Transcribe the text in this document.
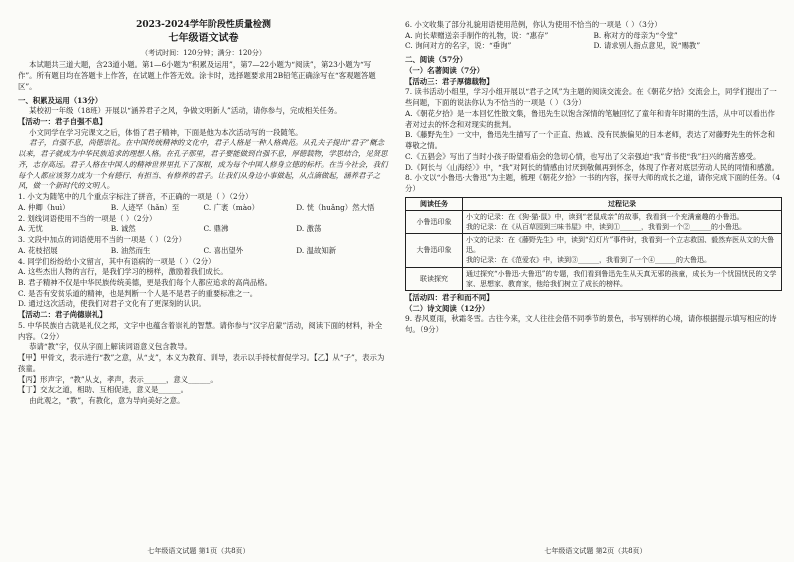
2023-2024学年阶段性质量检测

七年级语文试卷

（考试时间：120分钟；满分：120分）

本试题共三道大题，含23道小题。第1—6小题为“积累及运用”，第7—22小题为“阅读”，第23小题为“写作”。所有题目均在答题卡上作答，在试题上作答无效。涂卡时，选择题要求用2B铅笔正确涂写在“客观题答题区”。

一、积累及运用（13分）

某校初一年级（18班）开展以“涵养君子之风，争做文明新人”活动，请你参与，完成相关任务。

【活动一：君子自强不息】

小文同学在学习完课文之后，体悟了君子精神，下面是他为本次活动写的一段随笔。

君子，自强不息，尚德崇礼。在中国传统精神的文化中，君子人格是一种人格典范。从孔夫子提出“君子”概念以来，君子就成为中华民族追求的理想人格。在孔子那里，君子要能做到自强不息，厚德载物，学思结合，见贤思齐，志存高远。君子人格在中国人的精神世界里扎下了深根，成为每个中国人修身立德的标杆。在当今社会，我们每个人都应该努力成为一个有德行、有担当、有修养的君子。让我们从身边小事做起，从点滴做起，涵养君子之风，做一个新时代的文明人。

1. 小文为随笔中的几个重点字标注了拼音，不正确的一项是（ ）（2分）

A. 仲卿（huì）	B. 人迹罕（hǎn）至	C. 广袤（mào）	D. 恍（huǎng）然大悟

2. 划线词语使用不当的一项是（ ）（2分）

A. 无忧	B. 诚然	C. 鼎沸	D. 激荡

3. 文段中加点的词语使用不当的一项是（ ）（2分）

A. 花枝招展	B. 油然而生	C. 喜出望外	D. 温故知新

4. 同学们纷纷给小文留言，其中有语病的一项是（ ）（2分）

A. 这些杰出人物的言行，是我们学习的榜样，激励着我们成长。

B. 君子精神不仅是中华民族传统美德，更是我们每个人都应追求的高尚品格。

C. 是否有安贫乐道的精神，也是判断一个人是不是君子的重要标准之一。

D. 通过这次活动，使我们对君子文化有了更深刻的认识。

【活动二：君子尚德崇礼】

5. 中华民族自古就是礼仪之邦，文字中也蕴含着崇礼的智慧。请你参与“汉字启蒙”活动，阅读下面的材料，补全内容。（2分）

恭请“教”字，仅从字面上解读词语意义包含教导。

【甲】甲骨文，表示进行“教”之意，从“攴”，本义为教育、训导，表示以手持杖督促学习。【乙】从“子”，表示为孩童。

【丙】形声字，“教”从攴，孝声，表示______，意义______。

【丁】交友之道，相助、互相促进，意义是______。

由此观之，“教”，有教化，意为导向美好之意。

七年级语文试题 第1页（共8页）

6. 小文收集了部分礼貌用语使用范例，你认为使用不恰当的一项是（ ）（3分）

A. 向长辈赠送亲手制作的礼物，说：“惠存”	B. 称对方的母亲为“令堂”
C. 询问对方的名字，说：“垂询”	D. 请求别人指点意见，说“赐教”

二、阅读（57分）

（一）名著阅读（7分）

【活动三：君子厚德载物】

7. 读书活动小组里，学习小组开展以“君子之风”为主题的阅读交流会。在《朝花夕拾》交流会上，同学们提出了一些问题，下面的说法你认为不恰当的一项是（ ）（3分）

A.《朝花夕拾》是一本回忆性散文集，鲁迅先生以饱含深情的笔触回忆了童年和青年时期的生活，从中可以看出作者对过去的怀念和对现实的批判。

B.《藤野先生》一文中，鲁迅先生描写了一个正直、热诚、没有民族偏见的日本老师，表达了对藤野先生的怀念和尊敬之情。

C.《五猖会》写出了当时小孩子盼望看庙会的急切心情，也写出了父亲强迫“我”背书使“我”扫兴的痛苦感受。

D.《阿长与〈山海经〉》中，“我”对阿长的情感由讨厌到敬佩再到怀念，体现了作者对底层劳动人民的同情和感激。

8. 小文以“小鲁迅·大鲁迅”为主题，梳理《朝花夕拾》一书的内容，探寻大师的成长之道，请你完成下面的任务。（4分）

阅读任务	过程记录
小鲁迅印象	小文的记录：在《狗·猫·鼠》中，读到“老鼠成亲”的故事，我看到一个充满童趣的小鲁迅。

我的记录：在《从百草园到三味书屋》中，读到①______，我看到一个②______的小鲁迅。

大鲁迅印象	小文的记录：在《藤野先生》中，读到“幻灯片”事件时，我看到一个立志救国、毅然弃医从文的大鲁迅。

我的记录：在《范爱农》中，读到③______，我看到了一个④______的大鲁迅。

联读探究	通过探究“小鲁迅·大鲁迅”的专题，我们看到鲁迅先生从天真无邪的孩童，成长为一个忧国忧民的文学家、思想家、教育家，他给我们树立了成长的榜样。

【活动四：君子和而不同】

（二）诗文阅读（12分）

9. 春风夏雨，秋霜冬雪。古往今来，文人往往会借不同季节的景色，书写别样的心境，请你根据提示填写相应的诗句。（9分）

七年级语文试题 第2页（共8页）
